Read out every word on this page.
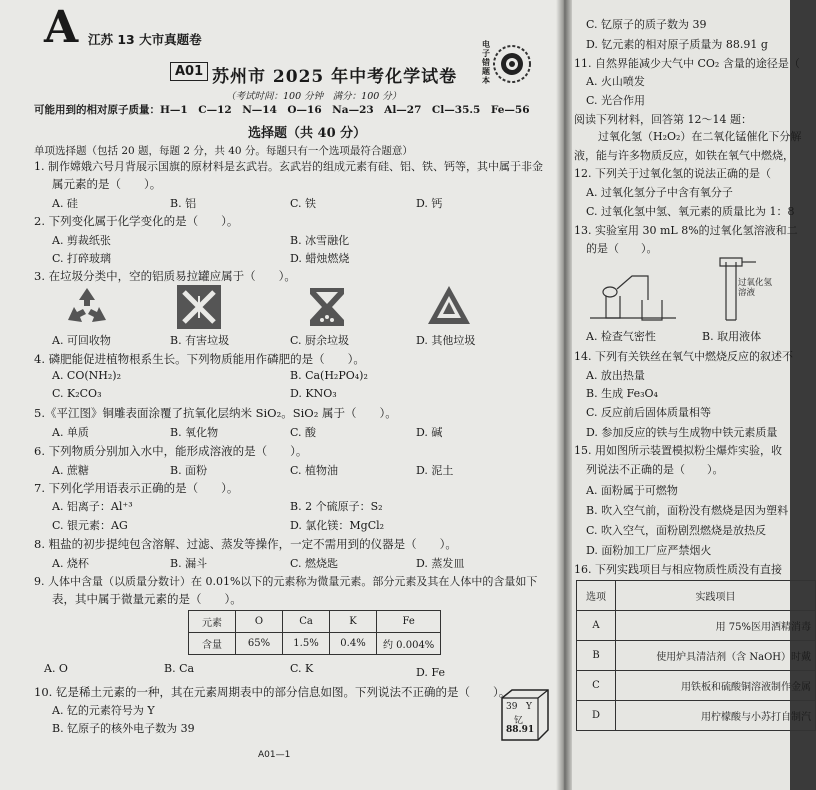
A 江苏 13 大市真题卷	电子错题本
A01 苏州市 2025 年中考化学试卷
（考试时间：100 分钟　满分：100 分）
可能用到的相对原子质量：H—1　C—12　N—14　O—16　Na—23　Al—27　Cl—35.5　Fe—56
选择题（共 40 分）
单项选择题（包括 20 题，每题 2 分，共 40 分。每题只有一个选项最符合题意）
1. 制作嫦娥六号月背展示国旗的原材料是玄武岩。玄武岩的组成元素有硅、铝、铁、钙等，其中属于非金
属元素的是（　　）。
A. 硅	B. 铝	C. 铁	D. 钙
2. 下列变化属于化学变化的是（　　）。
A. 剪裁纸张	B. 冰雪融化
C. 打碎玻璃	D. 蜡烛燃烧
3. 在垃圾分类中，空的铝质易拉罐应属于（　　）。
A. 可回收物	B. 有害垃圾	C. 厨余垃圾	D. 其他垃圾
4. 磷肥能促进植物根系生长。下列物质能用作磷肥的是（　　）。
A. CO(NH₂)₂	B. Ca(H₂PO₄)₂
C. K₂CO₃	D. KNO₃
5.《平江图》铜雕表面涂覆了抗氧化层纳米 SiO₂。SiO₂ 属于（　　）。
A. 单质	B. 氧化物	C. 酸	D. 碱
6. 下列物质分别加入水中，能形成溶液的是（　　）。
A. 蔗糖	B. 面粉	C. 植物油	D. 泥土
7. 下列化学用语表示正确的是（　　）。
A. 铝离子：Al⁺³	B. 2 个硫原子：S₂
C. 银元素：AG	D. 氯化镁：MgCl₂
8. 粗盐的初步提纯包含溶解、过滤、蒸发等操作，一定不需用到的仪器是（　　）。
A. 烧杯	B. 漏斗	C. 燃烧匙	D. 蒸发皿
9. 人体中含量（以质量分数计）在 0.01%以下的元素称为微量元素。部分元素及其在人体中的含量如下
表，其中属于微量元素的是（　　）。
元素	O	Ca	K	Fe
含量	65%	1.5%	0.4%	约 0.004%
A. O	B. Ca	C. K	D. Fe
10. 钇是稀土元素的一种，其在元素周期表中的部分信息如图。下列说法不正确的是（　　）。
A. 钇的元素符号为 Y
B. 钇原子的核外电子数为 39
39 Y
钇
88.91
A01—1
C. 钇原子的质子数为 39
D. 钇元素的相对原子质量为 88.91 g
11. 自然界能减少大气中 CO₂ 含量的途径是（
A. 火山喷发
C. 光合作用
阅读下列材料，回答第 12～14 题：
过氧化氢（H₂O₂）在二氧化锰催化下分解
液，能与许多物质反应，如铁在氧气中燃烧，
12. 下列关于过氧化氢的说法正确的是（
A. 过氧化氢分子中含有氧分子
C. 过氧化氢中氢、氧元素的质量比为 1：8
13. 实验室用 30 mL 8%的过氧化氢溶液和二
的是（　　）。
过氧化氢溶液
A. 检查气密性	B. 取用液体
14. 下列有关铁丝在氧气中燃烧反应的叙述不
A. 放出热量
B. 生成 Fe₃O₄
C. 反应前后固体质量相等
D. 参加反应的铁与生成物中铁元素质量
15. 用如图所示装置模拟粉尘爆炸实验，收
列说法不正确的是（　　）。
A. 面粉属于可燃物
B. 吹入空气前，面粉没有燃烧是因为塑料
C. 吹入空气，面粉剧烈燃烧是放热反
D. 面粉加工厂应严禁烟火
16. 下列实践项目与相应物质性质没有直接
选项	实践项目
A	用 75%医用酒精消毒
B	使用炉具清洁剂（含 NaOH）时戴
C	用铁板和硫酸铜溶液制作金属
D	用柠檬酸与小苏打自制汽
